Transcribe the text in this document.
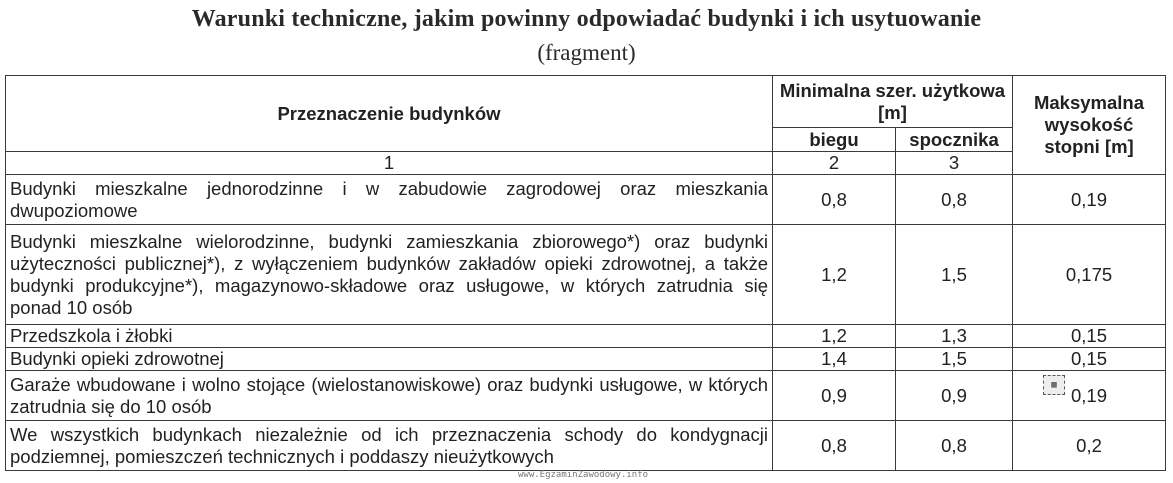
Warunki techniczne, jakim powinny odpowiadać budynki i ich usytuowanie
(fragment)
Przeznaczenie budynków	Minimalna szer. użytkowa [m]		Maksymalna wysokość stopni [m]
	biegu	spocznika	
1	2	3	
Budynki mieszkalne jednorodzinne i w zabudowie zagrodowej oraz mieszkania dwupoziomowe	0,8	0,8	0,19
Budynki mieszkalne wielorodzinne, budynki zamieszkania zbiorowego*) oraz budynki użyteczności publicznej*), z wyłączeniem budynków zakładów opieki zdrowotnej, a także budynki produkcyjne*), magazynowo-składowe oraz usługowe, w których zatrudnia się ponad 10 osób	1,2	1,5	0,175
Przedszkola i żłobki	1,2	1,3	0,15
Budynki opieki zdrowotnej	1,4	1,5	0,15
Garaże wbudowane i wolno stojące (wielostanowiskowe) oraz budynki usługowe, w których zatrudnia się do 10 osób	0,9	0,9	0,19
We wszystkich budynkach niezależnie od ich przeznaczenia schody do kondygnacji podziemnej, pomieszczeń technicznych i poddaszy nieużytkowych	0,8	0,8	0,2
▦
www.EgzaminZawodowy.info
